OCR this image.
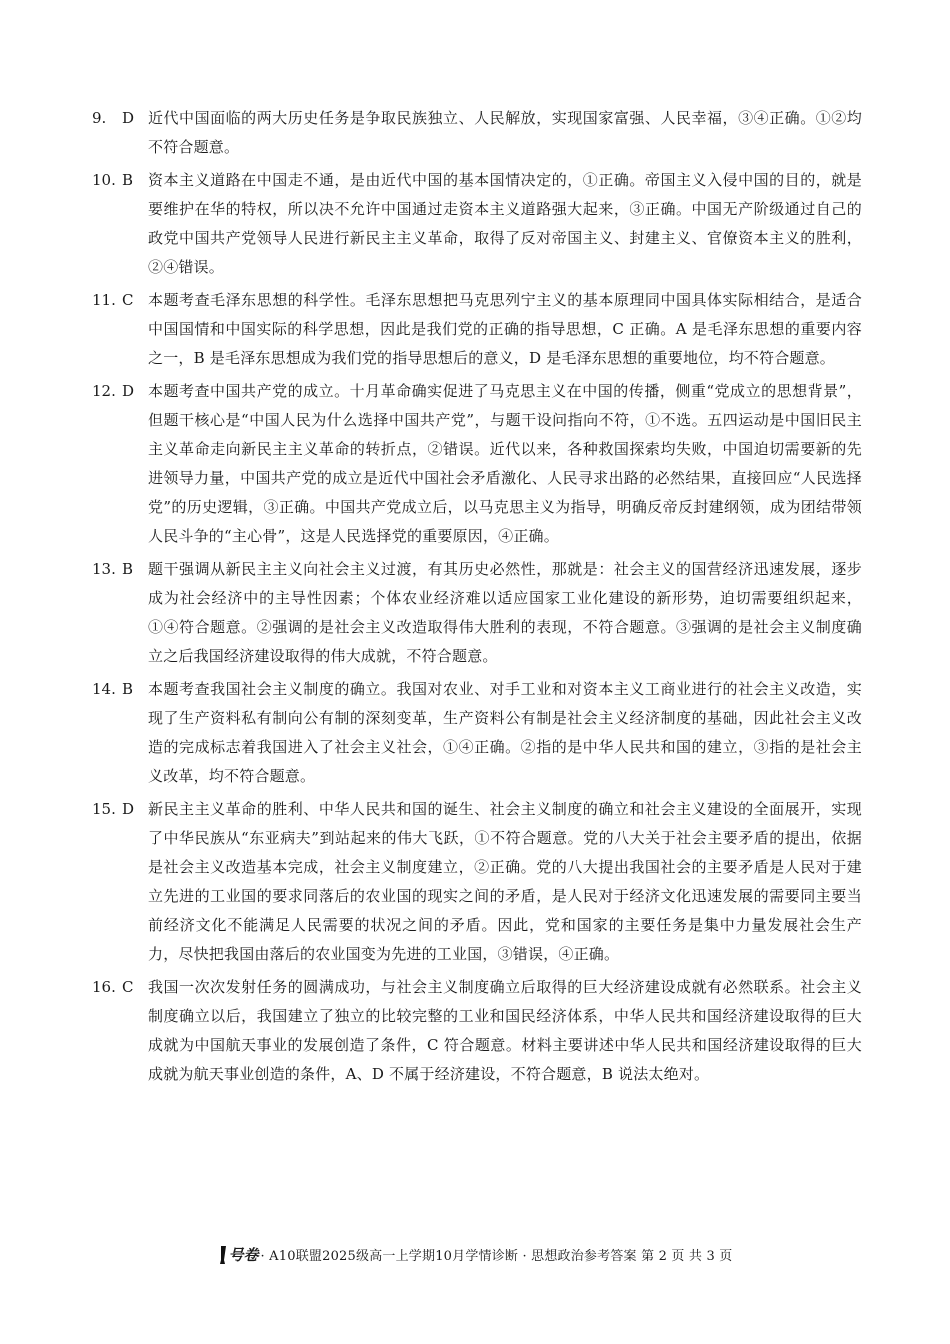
9.	D 近代中国面临的两大历史任务是争取民族独立、人民解放，实现国家富强、人民幸福，③④正确。①②均不符合题意。
10. B 资本主义道路在中国走不通，是由近代中国的基本国情决定的，①正确。帝国主义入侵中国的目的，就是要维护在华的特权，所以决不允许中国通过走资本主义道路强大起来，③正确。中国无产阶级通过自己的政党中国共产党领导人民进行新民主主义革命，取得了反对帝国主义、封建主义、官僚资本主义的胜利，②④错误。
11. C 本题考查毛泽东思想的科学性。毛泽东思想把马克思列宁主义的基本原理同中国具体实际相结合，是适合中国国情和中国实际的科学思想，因此是我们党的正确的指导思想，C 正确。A 是毛泽东思想的重要内容之一，B 是毛泽东思想成为我们党的指导思想后的意义，D 是毛泽东思想的重要地位，均不符合题意。
12. D 本题考查中国共产党的成立。十月革命确实促进了马克思主义在中国的传播，侧重“党成立的思想背景”，但题干核心是“中国人民为什么选择中国共产党”，与题干设问指向不符，①不选。五四运动是中国旧民主主义革命走向新民主主义革命的转折点，②错误。近代以来，各种救国探索均失败，中国迫切需要新的先进领导力量，中国共产党的成立是近代中国社会矛盾激化、人民寻求出路的必然结果，直接回应“人民选择党”的历史逻辑，③正确。中国共产党成立后，以马克思主义为指导，明确反帝反封建纲领，成为团结带领人民斗争的“主心骨”，这是人民选择党的重要原因，④正确。
13. B 题干强调从新民主主义向社会主义过渡，有其历史必然性，那就是：社会主义的国营经济迅速发展，逐步成为社会经济中的主导性因素；个体农业经济难以适应国家工业化建设的新形势，迫切需要组织起来，①④符合题意。②强调的是社会主义改造取得伟大胜利的表现，不符合题意。③强调的是社会主义制度确立之后我国经济建设取得的伟大成就，不符合题意。
14. B 本题考查我国社会主义制度的确立。我国对农业、对手工业和对资本主义工商业进行的社会主义改造，实现了生产资料私有制向公有制的深刻变革，生产资料公有制是社会主义经济制度的基础，因此社会主义改造的完成标志着我国进入了社会主义社会，①④正确。②指的是中华人民共和国的建立，③指的是社会主义改革，均不符合题意。
15. D 新民主主义革命的胜利、中华人民共和国的诞生、社会主义制度的确立和社会主义建设的全面展开，实现了中华民族从“东亚病夫”到站起来的伟大飞跃，①不符合题意。党的八大关于社会主要矛盾的提出，依据是社会主义改造基本完成，社会主义制度建立，②正确。党的八大提出我国社会的主要矛盾是人民对于建立先进的工业国的要求同落后的农业国的现实之间的矛盾，是人民对于经济文化迅速发展的需要同主要当前经济文化不能满足人民需要的状况之间的矛盾。因此，党和国家的主要任务是集中力量发展社会生产力，尽快把我国由落后的农业国变为先进的工业国，③错误，④正确。
16. C 我国一次次发射任务的圆满成功，与社会主义制度确立后取得的巨大经济建设成就有必然联系。社会主义制度确立以后，我国建立了独立的比较完整的工业和国民经济体系，中华人民共和国经济建设取得的巨大成就为中国航天事业的发展创造了条件，C 符合题意。材料主要讲述中华人民共和国经济建设取得的巨大成就为航天事业创造的条件，A、D 不属于经济建设，不符合题意，B 说法太绝对。
号卷 · A10联盟2025级高一上学期10月学情诊断 · 思想政治参考答案 第 2 页 共 3 页
